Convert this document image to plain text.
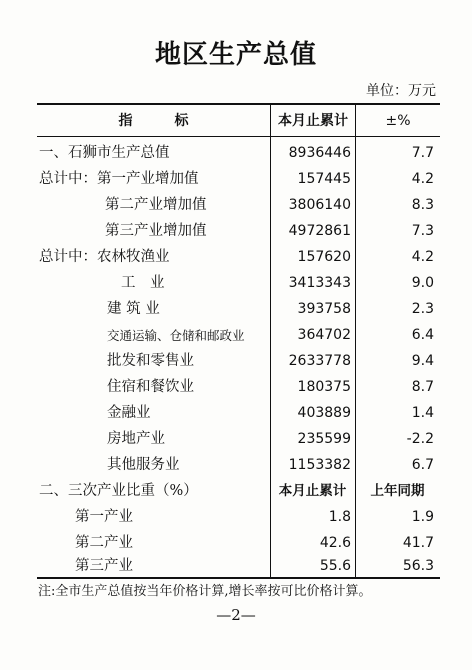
地区生产总值
单位：万元
指　　　标	本月止累计	±%
一、石狮市生产总值	8936446	7.7
总计中：第一产业增加值	157445	4.2
第二产业增加值	3806140	8.3
第三产业增加值	4972861	7.3
总计中：农林牧渔业	157620	4.2
工　业	3413343	9.0
建 筑 业	393758	2.3
交通运输、仓储和邮政业	364702	6.4
批发和零售业	2633778	9.4
住宿和餐饮业	180375	8.7
金融业	403889	1.4
房地产业	235599	-2.2
其他服务业	1153382	6.7
二、三次产业比重（%）	本月止累计	上年同期
第一产业	1.8	1.9
第二产业	42.6	41.7
第三产业	55.6	56.3
注:全市生产总值按当年价格计算,增长率按可比价格计算。
—2—
